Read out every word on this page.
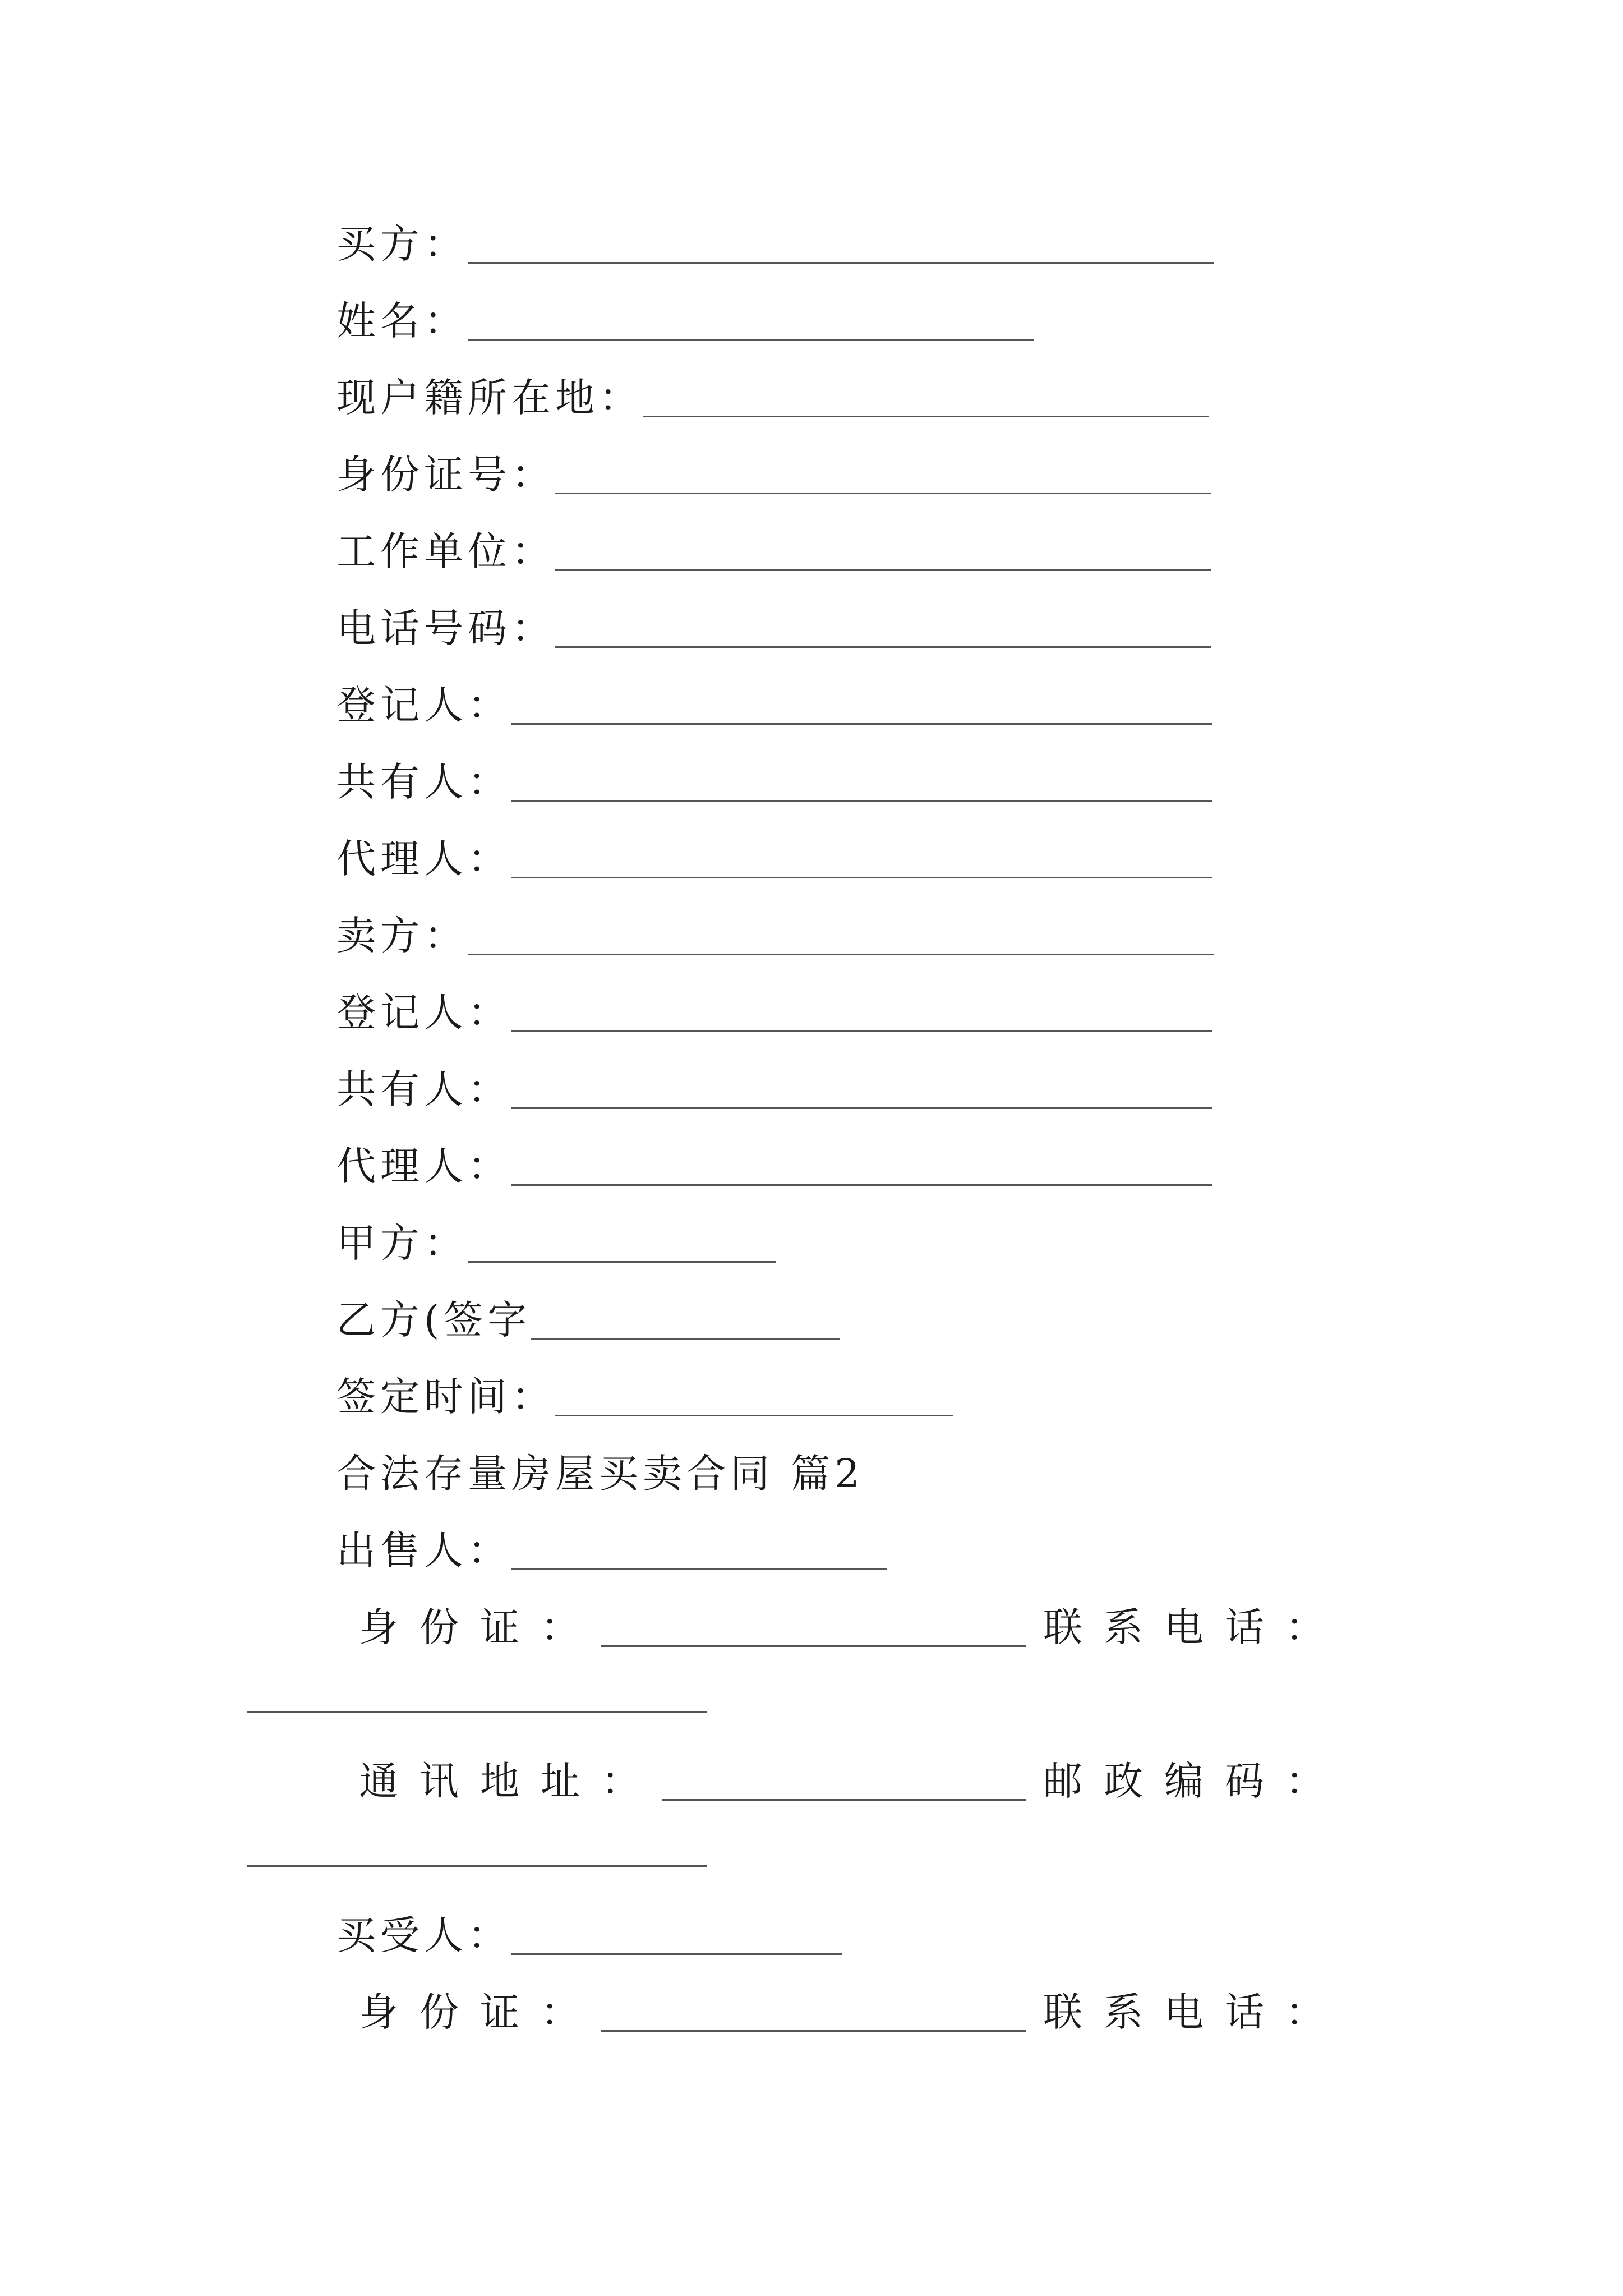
买方：
姓名：
现户籍所在地：
身份证号：
工作单位：
电话号码：
登记人：
共有人：
代理人：
卖方：
登记人：
共有人：
代理人：
甲方：
乙方(签字
签定时间：
合法存量房屋买卖合同 篇2
出售人：
身份证：	联系电话：
通讯地址：	邮政编码：
买受人：
身份证：	联系电话：
